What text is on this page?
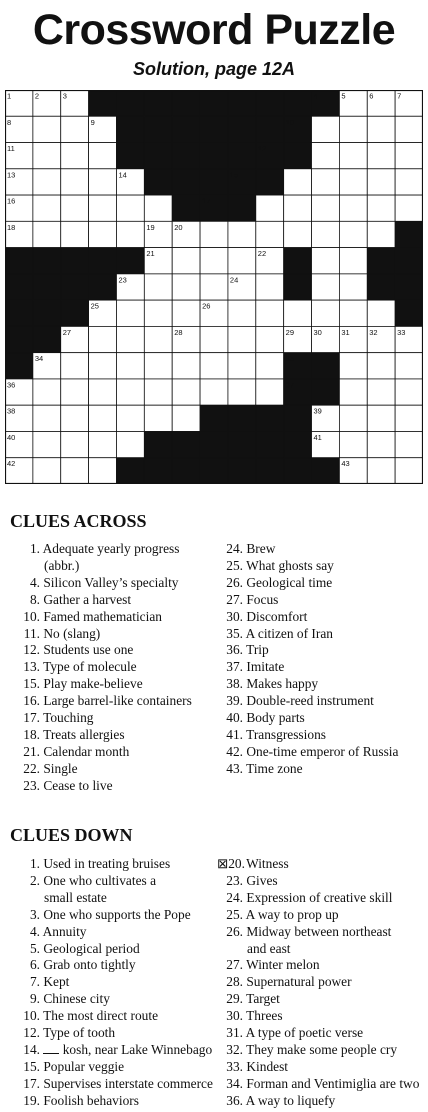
Crossword Puzzle
Solution, page 12A
1	2	3	4	5	6	7
8	9	10
11	12
13	14	15
16	17
18	19	20
21	22
23	24
25	26
27	28	29	30	31	32	33
34	35
36	37
38	39
40	41
42	43
CLUES ACROSS
1. Adequate yearly progress
(abbr.)
4. Silicon Valley’s specialty
8. Gather a harvest
10. Famed mathematician
11. No (slang)
12. Students use one
13. Type of molecule
15. Play make-believe
16. Large barrel-like containers
17. Touching
18. Treats allergies
21. Calendar month
22. Single
23. Cease to live
24. Brew
25. What ghosts say
26. Geological time
27. Focus
30. Discomfort
35. A citizen of Iran
36. Trip
37. Imitate
38. Makes happy
39. Double-reed instrument
40. Body parts
41. Transgressions
42. One-time emperor of Russia
43. Time zone
CLUES DOWN
1. Used in treating bruises
2. One who cultivates a
small estate
3. One who supports the Pope
4. Annuity
5. Geological period
6. Grab onto tightly
7. Kept
9. Chinese city
10. The most direct route
12. Type of tooth
14. kosh, near Lake Winnebago
15. Popular veggie
17. Supervises interstate commerce
19. Foolish behaviors
⊠20. Witness
23. Gives
24. Expression of creative skill
25. A way to prop up
26. Midway between northeast
and east
27. Winter melon
28. Supernatural power
29. Target
30. Threes
31. A type of poetic verse
32. They make some people cry
33. Kindest
34. Forman and Ventimiglia are two
36. A way to liquefy
